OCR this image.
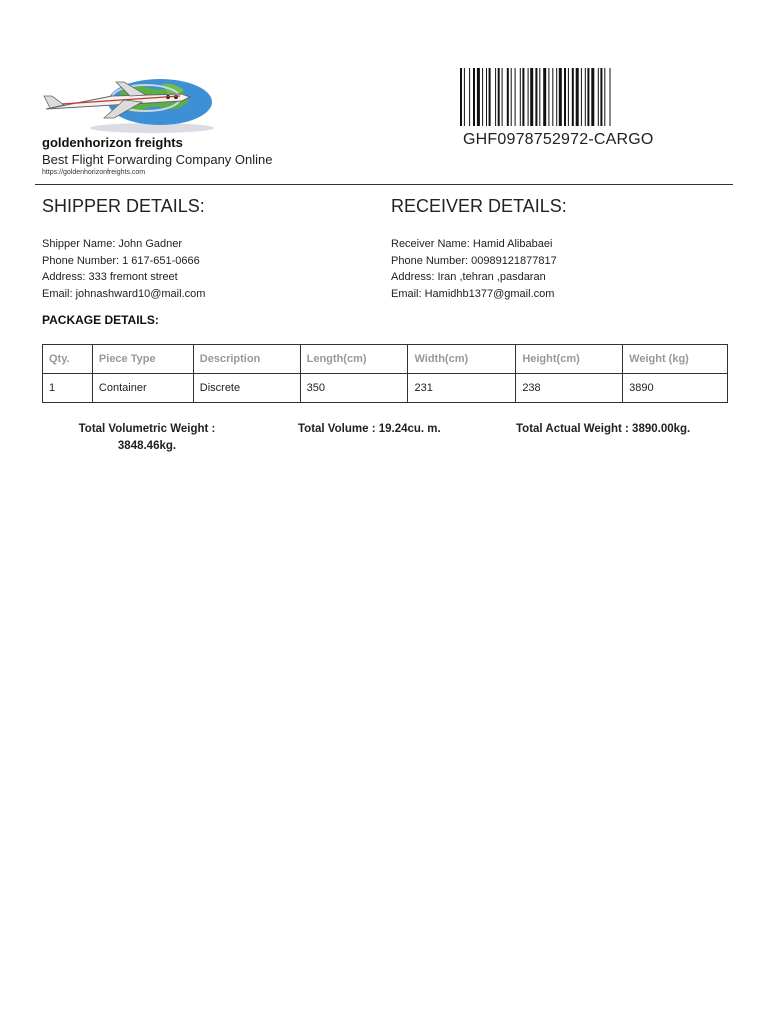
goldenhorizon freights
Best Flight Forwarding Company Online
https://goldenhorizonfreights.com
GHF0978752972-CARGO
SHIPPER DETAILS:	RECEIVER DETAILS:
Shipper Name: John Gadner
Phone Number: 1 617-651-0666
Address: 333 fremont street
Email: johnashward10@mail.com
Receiver Name: Hamid Alibabaei
Phone Number: 00989121877817
Address: Iran ,tehran ,pasdaran
Email: Hamidhb1377@gmail.com
PACKAGE DETAILS:
Qty.	Piece Type	Description	Length(cm)	Width(cm)	Height(cm)	Weight (kg)
1	Container	Discrete	350	231	238	3890
Total Volumetric Weight :
3848.46kg.
Total Volume : 19.24cu. m.	Total Actual Weight : 3890.00kg.
